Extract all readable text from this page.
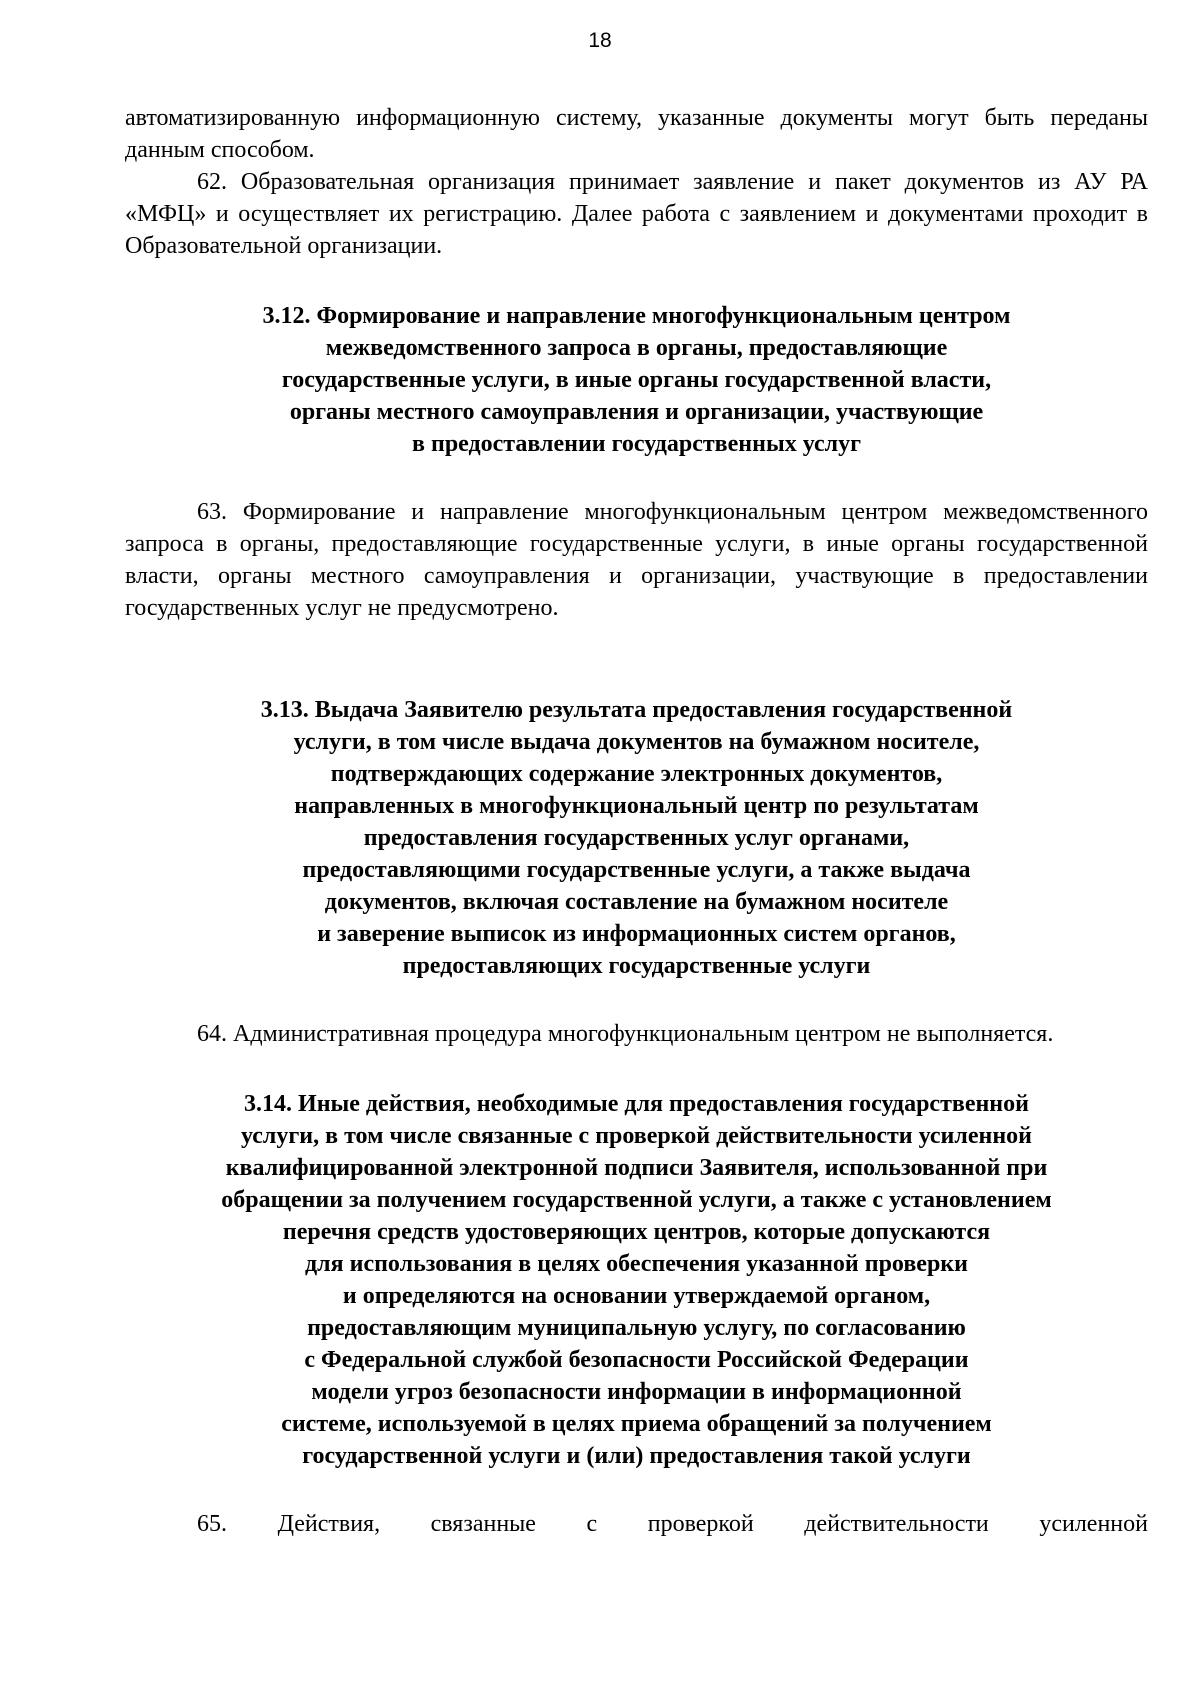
18

автоматизированную информационную систему, указанные документы могут быть переданы данным способом.

62. Образовательная организация принимает заявление и пакет документов из АУ РА «МФЦ» и осуществляет их регистрацию. Далее работа с заявлением и документами проходит в Образовательной организации.

3.12. Формирование и направление многофункциональным центром
межведомственного запроса в органы, предоставляющие
государственные услуги, в иные органы государственной власти,
органы местного самоуправления и организации, участвующие
в предоставлении государственных услуг

63. Формирование и направление многофункциональным центром межведомственного запроса в органы, предоставляющие государственные услуги, в иные органы государственной власти, органы местного самоуправления и организации, участвующие в предоставлении государственных услуг не предусмотрено.

3.13. Выдача Заявителю результата предоставления государственной
услуги, в том числе выдача документов на бумажном носителе,
подтверждающих содержание электронных документов,
направленных в многофункциональный центр по результатам
предоставления государственных услуг органами,
предоставляющими государственные услуги, а также выдача
документов, включая составление на бумажном носителе
и заверение выписок из информационных систем органов,
предоставляющих государственные услуги

64. Административная процедура многофункциональным центром не выполняется.

3.14. Иные действия, необходимые для предоставления государственной
услуги, в том числе связанные с проверкой действительности усиленной
квалифицированной электронной подписи Заявителя, использованной при
обращении за получением государственной услуги, а также с установлением
перечня средств удостоверяющих центров, которые допускаются
для использования в целях обеспечения указанной проверки
и определяются на основании утверждаемой органом,
предоставляющим муниципальную услугу, по согласованию
с Федеральной службой безопасности Российской Федерации
модели угроз безопасности информации в информационной
системе, используемой в целях приема обращений за получением
государственной услуги и (или) предоставления такой услуги

65. Действия, связанные с проверкой действительности усиленной
